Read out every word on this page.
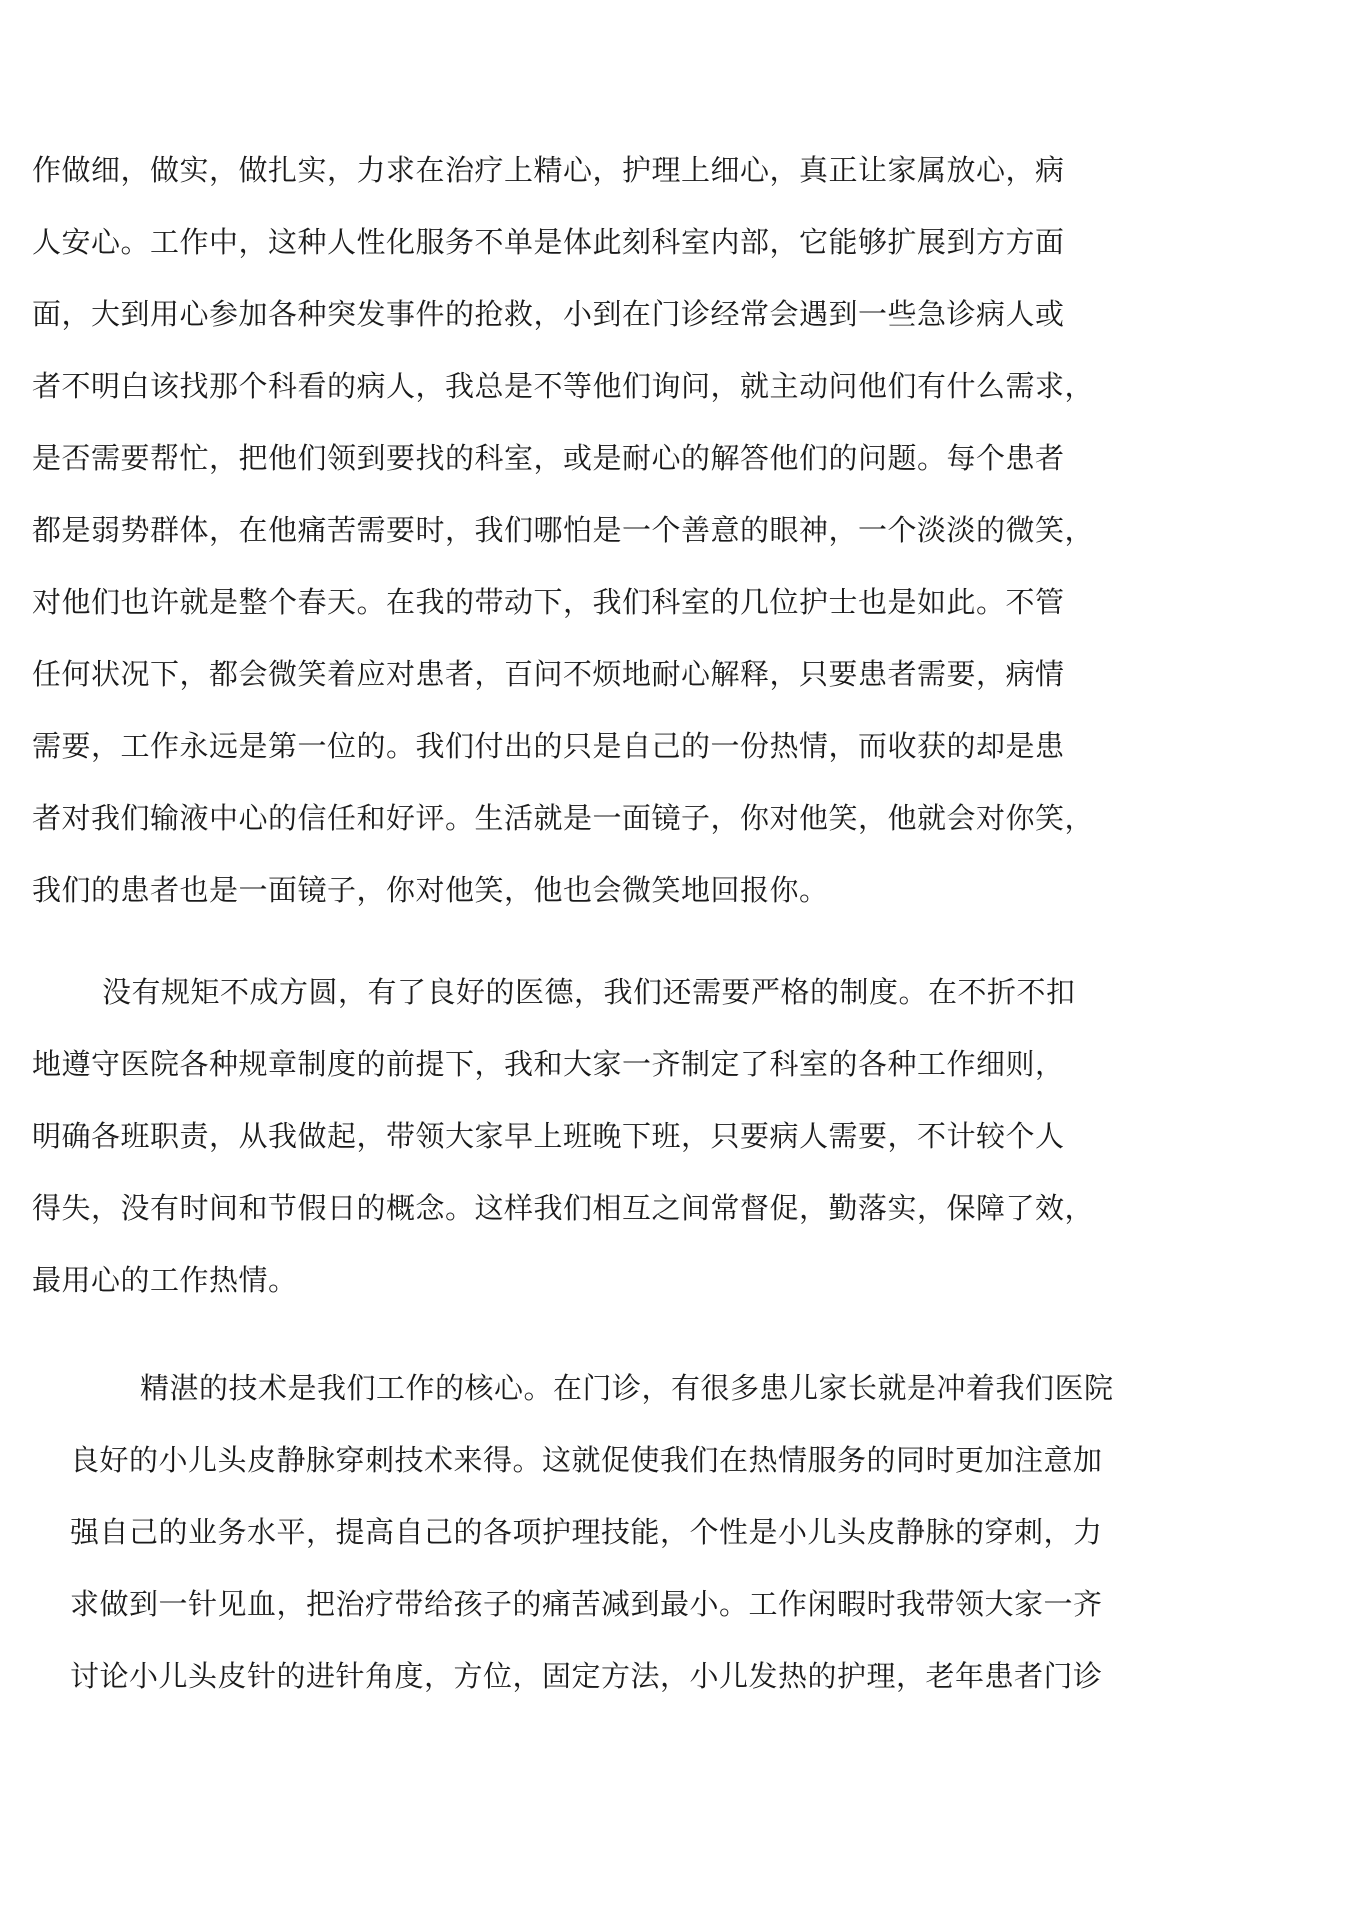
作做细，做实，做扎实，力求在治疗上精心，护理上细心，真正让家属放心，病
人安心。工作中，这种人性化服务不单是体此刻科室内部，它能够扩展到方方面
面，大到用心参加各种突发事件的抢救，小到在门诊经常会遇到一些急诊病人或
者不明白该找那个科看的病人，我总是不等他们询问，就主动问他们有什么需求，
是否需要帮忙，把他们领到要找的科室，或是耐心的解答他们的问题。每个患者
都是弱势群体，在他痛苦需要时，我们哪怕是一个善意的眼神，一个淡淡的微笑，
对他们也许就是整个春天。在我的带动下，我们科室的几位护士也是如此。不管
任何状况下，都会微笑着应对患者，百问不烦地耐心解释，只要患者需要，病情
需要，工作永远是第一位的。我们付出的只是自己的一份热情，而收获的却是患
者对我们输液中心的信任和好评。生活就是一面镜子，你对他笑，他就会对你笑，
我们的患者也是一面镜子，你对他笑，他也会微笑地回报你。
没有规矩不成方圆，有了良好的医德，我们还需要严格的制度。在不折不扣
地遵守医院各种规章制度的前提下，我和大家一齐制定了科室的各种工作细则，
明确各班职责，从我做起，带领大家早上班晚下班，只要病人需要，不计较个人
得失，没有时间和节假日的概念。这样我们相互之间常督促，勤落实，保障了效，
最用心的工作热情。
精湛的技术是我们工作的核心。在门诊，有很多患儿家长就是冲着我们医院
良好的小儿头皮静脉穿刺技术来得。这就促使我们在热情服务的同时更加注意加
强自己的业务水平，提高自己的各项护理技能，个性是小儿头皮静脉的穿刺，力
求做到一针见血，把治疗带给孩子的痛苦减到最小。工作闲暇时我带领大家一齐
讨论小儿头皮针的进针角度，方位，固定方法，小儿发热的护理，老年患者门诊
